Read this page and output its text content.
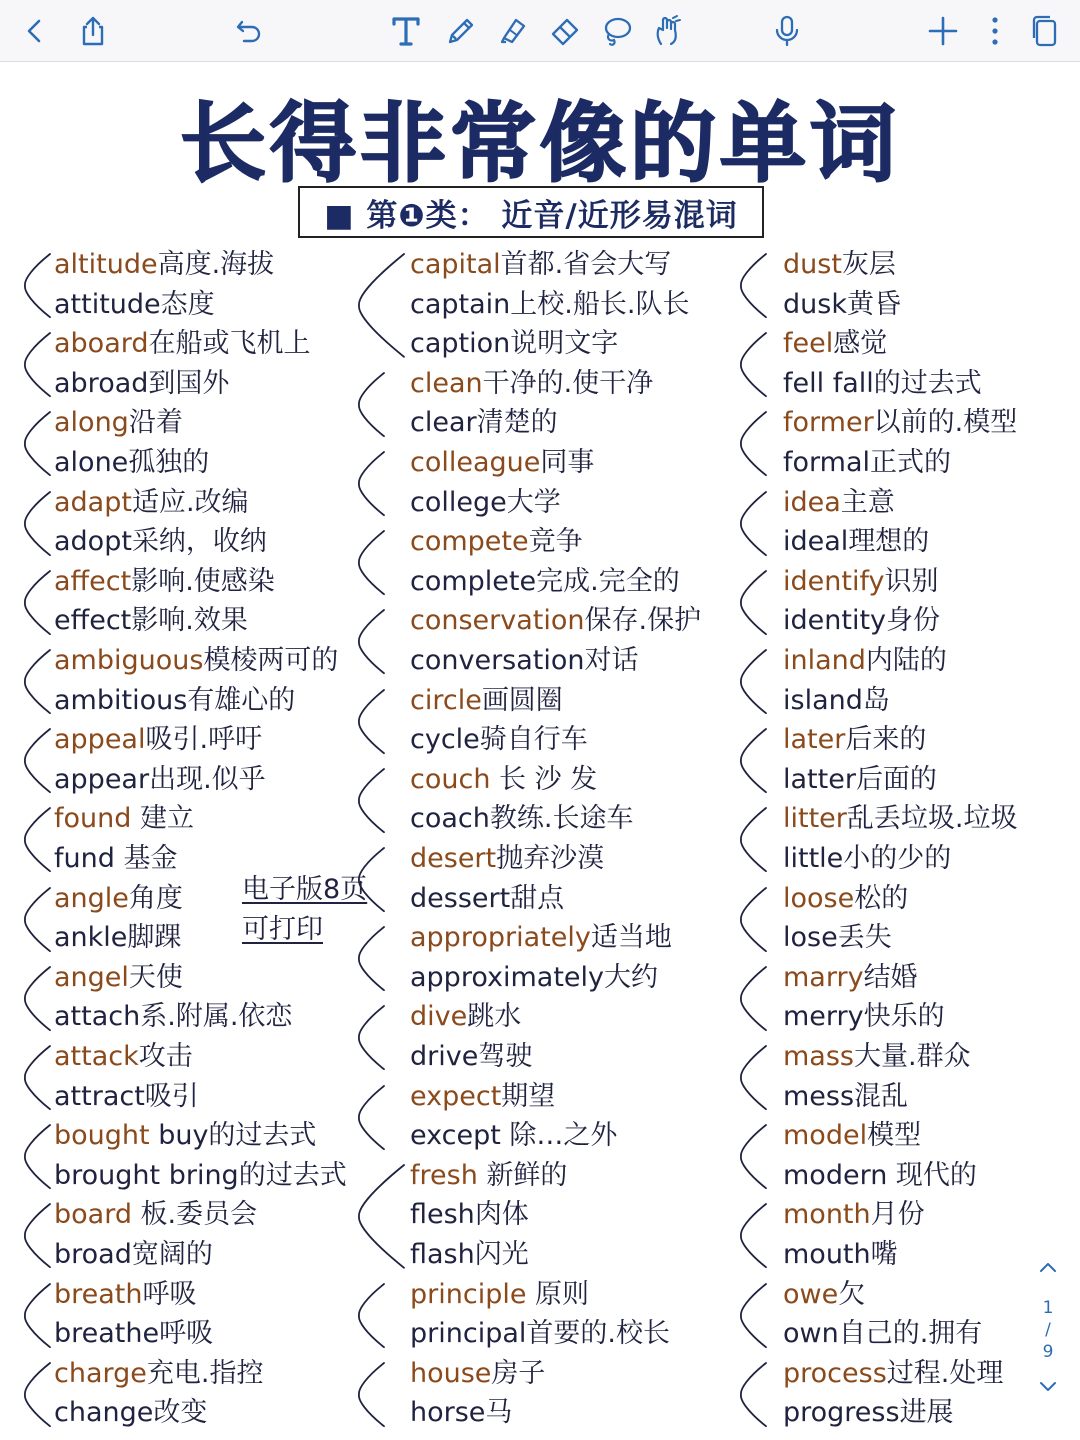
长得非常像的单词
■ 第❶类： 近音/近形易混词
altitude高度.海拔
attitude态度
aboard在船或飞机上
abroad到国外
along沿着
alone孤独的
adapt适应.改编
adopt采纳，收纳
affect影响.使感染
effect影响.效果
ambiguous模棱两可的
ambitious有雄心的
appeal吸引.呼吁
appear出现.似乎
found 建立
fund 基金
angle角度
ankle脚踝
angel天使
attach系.附属.依恋
attack攻击
attract吸引
bought buy的过去式
brought bring的过去式
board 板.委员会
broad宽阔的
breath呼吸
breathe呼吸
charge充电.指控
change改变
capital首都.省会大写
captain上校.船长.队长
caption说明文字
clean干净的.使干净
clear清楚的
colleague同事
college大学
compete竞争
complete完成.完全的
conservation保存.保护
conversation对话
circle画圆圈
cycle骑自行车
couch 长 沙 发
coach教练.长途车
desert抛弃沙漠
dessert甜点
appropriately适当地
approximately大约
dive跳水
drive驾驶
expect期望
except 除…之外
fresh 新鲜的
flesh肉体
flash闪光
principle 原则
principal首要的.校长
house房子
horse马
dust灰层
dusk黄昏
feel感觉
fell fall的过去式
former以前的.模型
formal正式的
idea主意
ideal理想的
identify识别
identity身份
inland内陆的
island岛
later后来的
latter后面的
litter乱丢垃圾.垃圾
little小的少的
loose松的
lose丢失
marry结婚
merry快乐的
mass大量.群众
mess混乱
model模型
modern 现代的
month月份
mouth嘴
owe欠
own自己的.拥有
process过程.处理
progress进展
电子版8页
可打印
1
/
9
